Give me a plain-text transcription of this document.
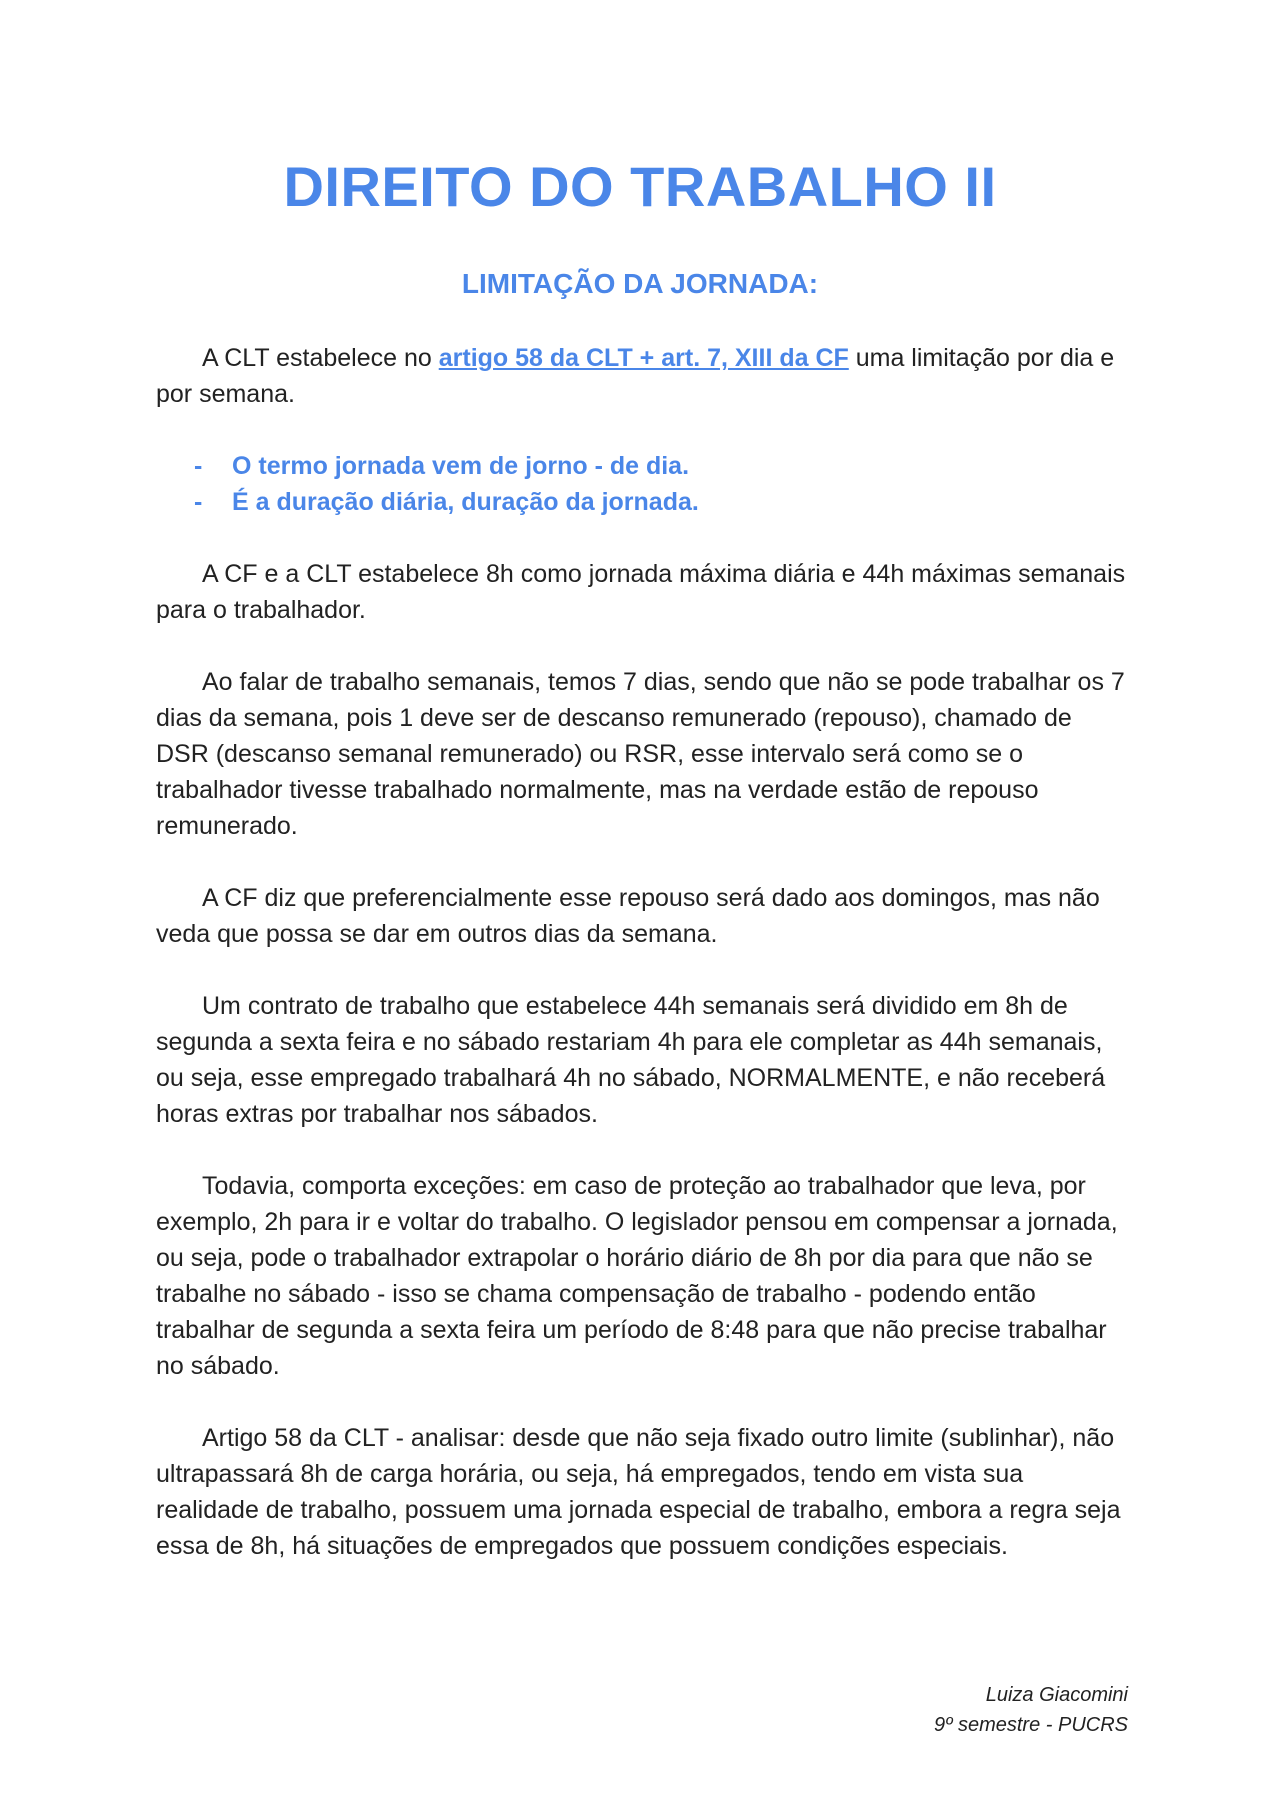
DIREITO DO TRABALHO II
LIMITAÇÃO DA JORNADA:

A CLT estabelece no artigo 58 da CLT + art. 7, XIII da CF uma limitação por dia e por semana.

- O termo jornada vem de jorno - de dia.
- É a duração diária, duração da jornada.

A CF e a CLT estabelece 8h como jornada máxima diária e 44h máximas semanais para o trabalhador.

Ao falar de trabalho semanais, temos 7 dias, sendo que não se pode trabalhar os 7 dias da semana, pois 1 deve ser de descanso remunerado (repouso), chamado de DSR (descanso semanal remunerado) ou RSR, esse intervalo será como se o trabalhador tivesse trabalhado normalmente, mas na verdade estão de repouso remunerado.

A CF diz que preferencialmente esse repouso será dado aos domingos, mas não veda que possa se dar em outros dias da semana.

Um contrato de trabalho que estabelece 44h semanais será dividido em 8h de segunda a sexta feira e no sábado restariam 4h para ele completar as 44h semanais, ou seja, esse empregado trabalhará 4h no sábado, NORMALMENTE, e não receberá horas extras por trabalhar nos sábados.

Todavia, comporta exceções: em caso de proteção ao trabalhador que leva, por exemplo, 2h para ir e voltar do trabalho. O legislador pensou em compensar a jornada, ou seja, pode o trabalhador extrapolar o horário diário de 8h por dia para que não se trabalhe no sábado - isso se chama compensação de trabalho - podendo então trabalhar de segunda a sexta feira um período de 8:48 para que não precise trabalhar no sábado.

Artigo 58 da CLT - analisar: desde que não seja fixado outro limite (sublinhar), não ultrapassará 8h de carga horária, ou seja, há empregados, tendo em vista sua realidade de trabalho, possuem uma jornada especial de trabalho, embora a regra seja essa de 8h, há situações de empregados que possuem condições especiais.

Luiza Giacomini
9º semestre - PUCRS
